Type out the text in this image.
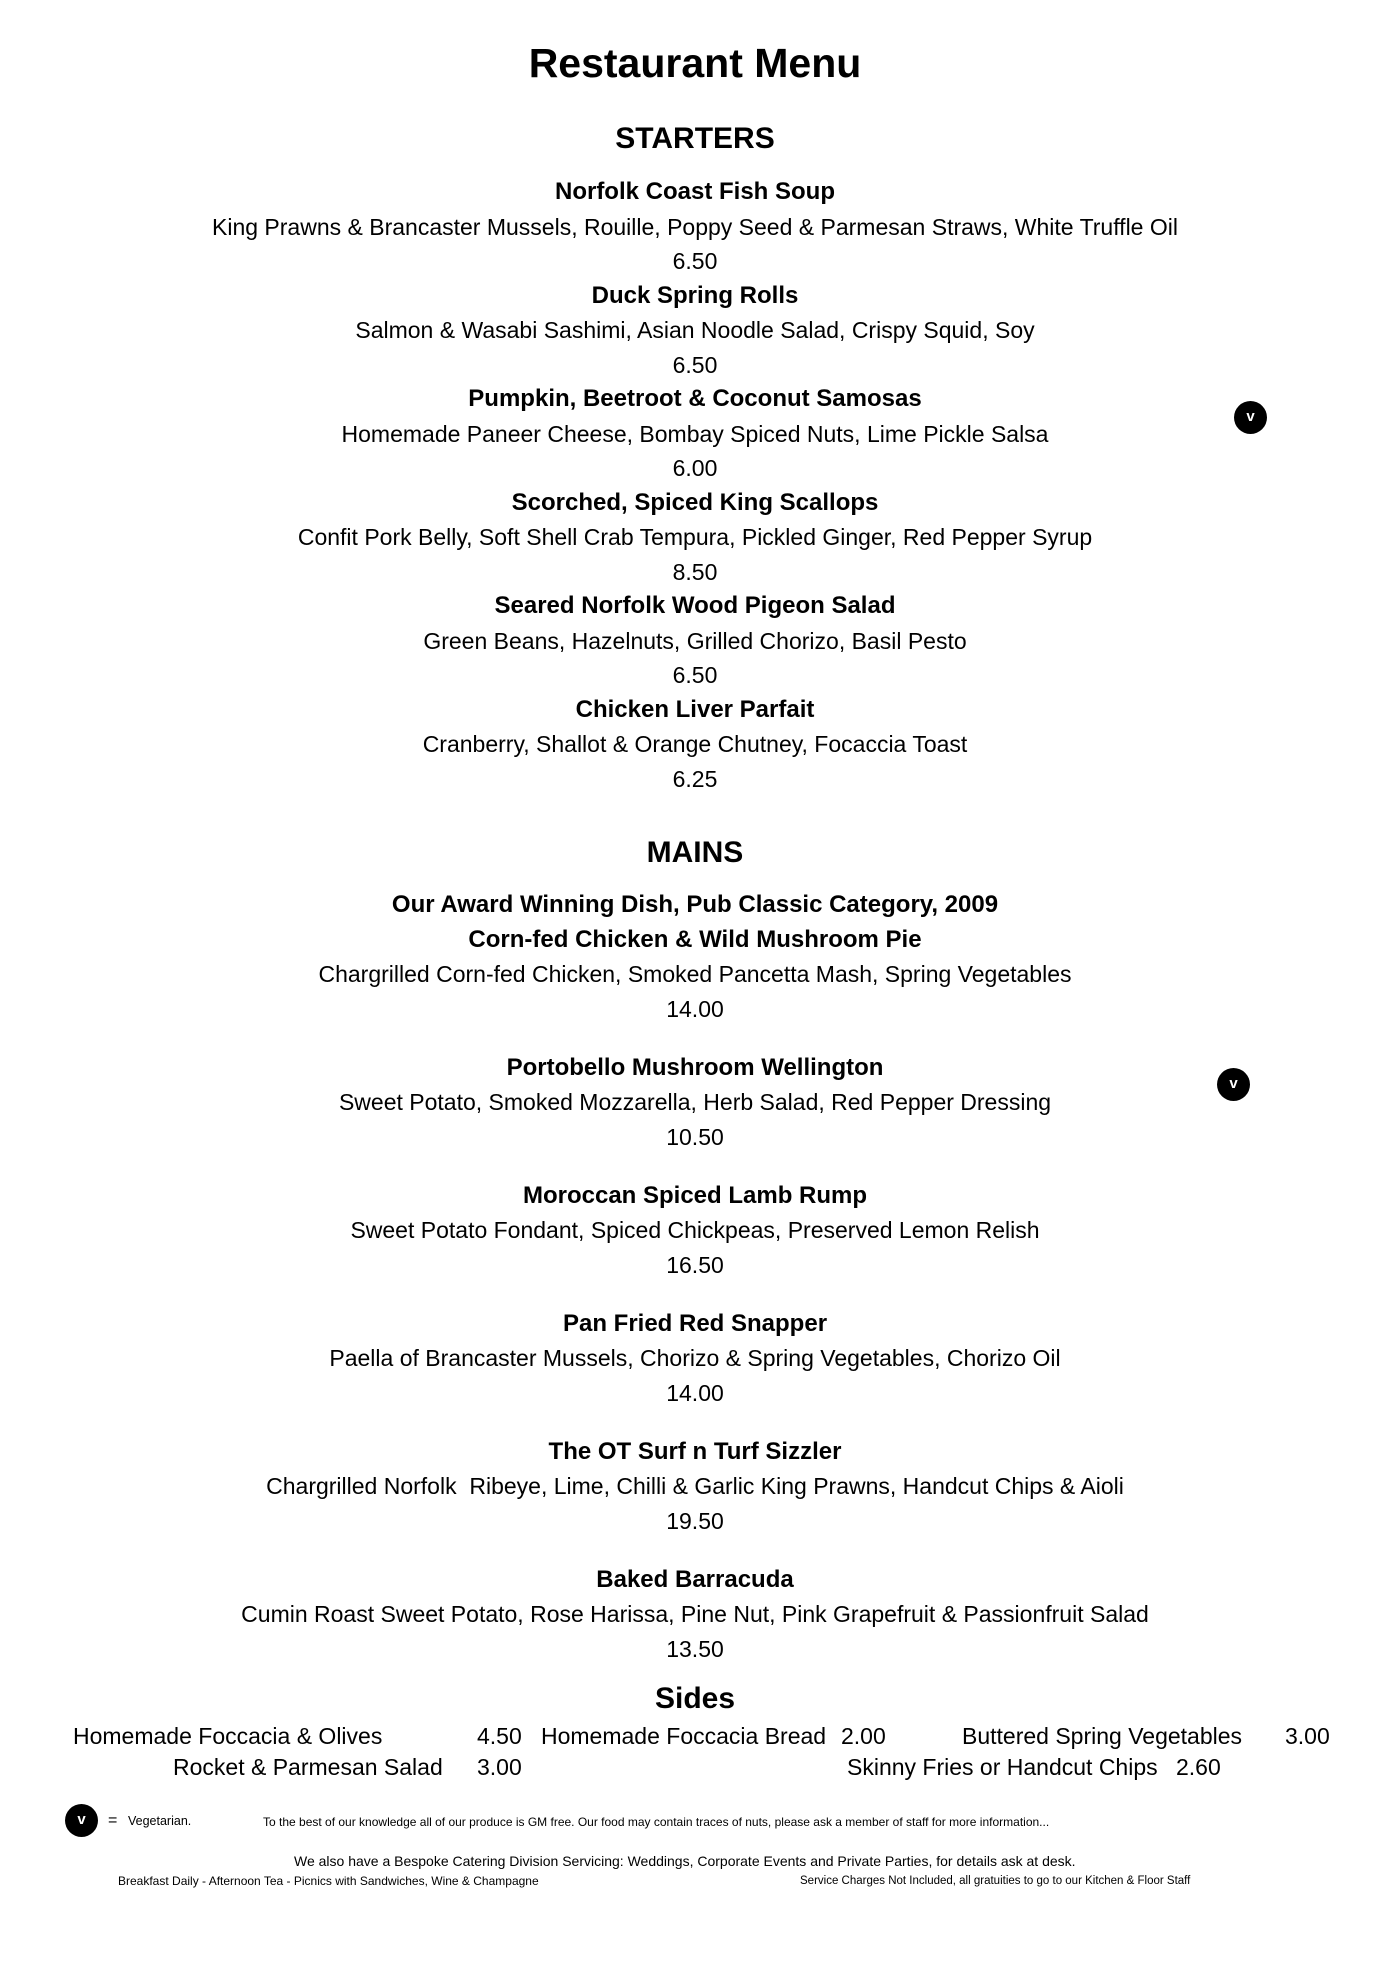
Restaurant Menu
STARTERS
Norfolk Coast Fish Soup
King Prawns & Brancaster Mussels, Rouille, Poppy Seed & Parmesan Straws, White Truffle Oil
6.50
Duck Spring Rolls
Salmon & Wasabi Sashimi, Asian Noodle Salad, Crispy Squid, Soy
6.50
Pumpkin, Beetroot & Coconut Samosas
Homemade Paneer Cheese, Bombay Spiced Nuts, Lime Pickle Salsa
6.00
Scorched, Spiced King Scallops
Confit Pork Belly, Soft Shell Crab Tempura, Pickled Ginger, Red Pepper Syrup
8.50
Seared Norfolk Wood Pigeon Salad
Green Beans, Hazelnuts, Grilled Chorizo, Basil Pesto
6.50
Chicken Liver Parfait
Cranberry, Shallot & Orange Chutney, Focaccia Toast
6.25
v
MAINS
Our Award Winning Dish, Pub Classic Category, 2009
Corn-fed Chicken & Wild Mushroom Pie
Chargrilled Corn-fed Chicken, Smoked Pancetta Mash, Spring Vegetables
14.00
Portobello Mushroom Wellington
Sweet Potato, Smoked Mozzarella, Herb Salad, Red Pepper Dressing
10.50
Moroccan Spiced Lamb Rump
Sweet Potato Fondant, Spiced Chickpeas, Preserved Lemon Relish
16.50
Pan Fried Red Snapper
Paella of Brancaster Mussels, Chorizo & Spring Vegetables, Chorizo Oil
14.00
The OT Surf n Turf Sizzler
Chargrilled Norfolk  Ribeye, Lime, Chilli & Garlic King Prawns, Handcut Chips & Aioli
19.50
Baked Barracuda
Cumin Roast Sweet Potato, Rose Harissa, Pine Nut, Pink Grapefruit & Passionfruit Salad
13.50
v
Sides
Homemade Foccacia & Olives	4.50 Homemade Foccacia Bread 2.00	Buttered Spring Vegetables 3.00
Rocket & Parmesan Salad 3.00	Skinny Fries or Handcut Chips 2.60
v	= Vegetarian.	To the best of our knowledge all of our produce is GM free. Our food may contain traces of nuts, please ask a member of staff for more information...
We also have a Bespoke Catering Division Servicing: Weddings, Corporate Events and Private Parties, for details ask at desk.
Breakfast Daily - Afternoon Tea - Picnics with Sandwiches, Wine & Champagne	Service Charges Not Included, all gratuities to go to our Kitchen & Floor Staff
